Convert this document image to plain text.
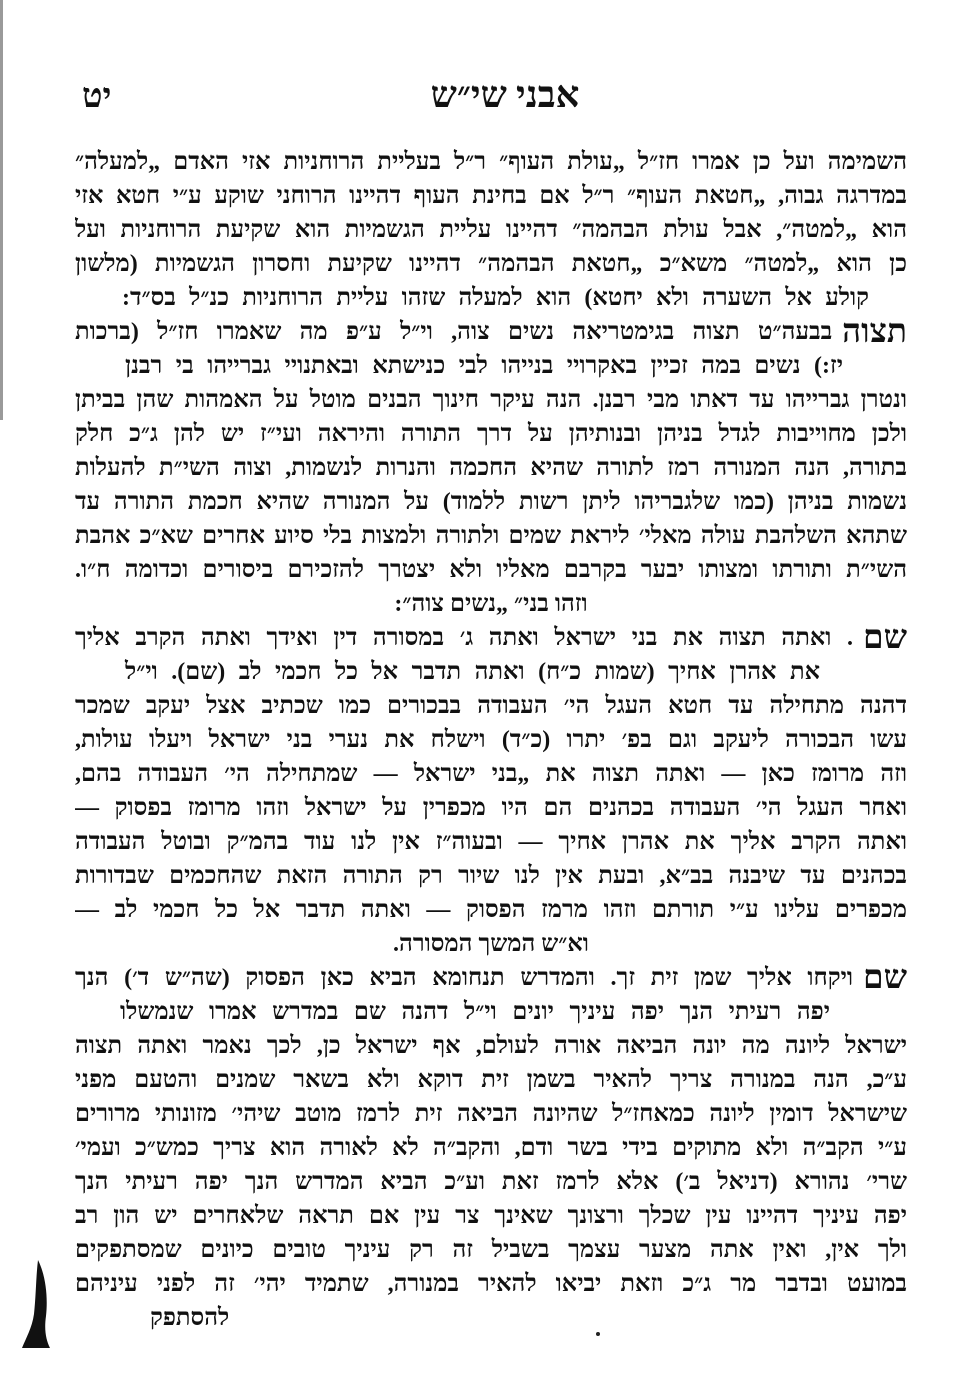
יט	אבני שי״ש
השמימה ועל כן אמרו חז״ל „עולת העוף״ ר״ל בעליית הרוחניות אזי האדם „למעלה״
במדרגה גבוה, „חטאת העוף״ ר״ל אם בחינת העוף דהיינו הרוחני שוקע ע״י חטא אזי
הוא „למטה״, אבל עולת הבהמה״ דהיינו עליית הגשמיות הוא שקיעת הרוחניות ועל
כן הוא „למטה״ משא״כ „חטאת הבהמה״ דהיינו שקיעת וחסרון הגשמיות (מלשון
קולע אל השערה ולא יחטא) הוא למעלה שזהו עליית הרוחניות כנ״ל בס״ד:
תצוהבבעה״ט תצוה בגימטריאה נשים צוה, וי״ל ע״פ מה שאמרו חז״ל (ברכות
יז:) נשים במה זכיין באקרויי בנייהו לבי כנישתא ובאתנויי גברייהו בי רבנן
ונטרן גברייהו עד דאתו מבי רבנן. הנה עיקר חינוך הבנים מוטל על האמהות שהן בביתן
ולכן מחוייבות לגדל בניהן ובנותיהן על דרך התורה והיראה ועי״ז יש להן ג״כ חלק
בתורה, הנה המנורה רמז לתורה שהיא החכמה והנרות לנשמות, וצוה השי״ת להעלות
נשמות בניהן (כמו שלגבריהו ליתן רשות ללמוד) על המנורה שהיא חכמת התורה עד
שתהא השלהבת עולה מאלי׳ ליראת שמים ולתורה ולמצות בלי סיוע אחרים שא״כ אהבת
השי״ת ותורתו ומצותו יבער בקרבם מאליו ולא יצטרך להזכירם ביסורים וכדומה ח״ו.
וזהו בני״ „נשים צוה״:
שם. ואתה תצוה את בני ישראל ואתה ג׳ במסורה דין ואידך ואתה הקרב אליך
את אהרן אחיך (שמות כ״ח) ואתה תדבר אל כל חכמי לב (שם). וי״ל
דהנה מתחילה עד חטא העגל הי׳ העבודה בבכורים כמו שכתיב אצל יעקב שמכר
עשו הבכורה ליעקב וגם בפ׳ יתרו (כ״ד) וישלח את נערי בני ישראל ויעלו עולות,
וזה מרומז כאן — ואתה תצוה את „בני ישראל — שמתחילה הי׳ העבודה בהם,
ואחר העגל הי׳ העבודה בכהנים הם היו מכפרין על ישראל וזהו מרומז בפסוק —
ואתה הקרב אליך את אהרן אחיך — ובעוה״ז אין לנו עוד בהמ״ק ובוטל העבודה
בכהנים עד שיבנה בב״א, ובעת אין לנו שיור רק התורה הזאת שהחכמים שבדורות
מכפרים עלינו ע״י תורתם וזהו מרמז הפסוק — ואתה תדבר אל כל חכמי לב —
וא״ש המשך המסורה.
שםויקחו אליך שמן זית זך. והמדרש תנחומא הביא כאן הפסוק (שה״ש ד׳) הנך
יפה רעיתי הנך יפה עיניך יונים וי״ל דהנה שם במדרש אמרו שנמשלו
ישראל ליונה מה יונה הביאה אורה לעולם, אף ישראל כן, לכך נאמר ואתה תצוה
ע״כ, הנה במנורה צריך להאיר בשמן זית דוקא ולא בשאר שמנים והטעם מפני
שישראל דומין ליונה כמאחז״ל שהיונה הביאה זית לרמז מוטב שיהי׳ מזונותי מרורים
ע״י הקב״ה ולא מתוקים בידי בשר ודם, והקב״ה לא לאורה הוא צריך כמש״כ ועמי׳
שרי׳ נהורא (דניאל ב׳) אלא לרמז זאת וע״כ הביא המדרש הנך יפה רעיתי הנך
יפה עיניך דהיינו עין שכלך ורצונך שאינך צר עין אם תראה שלאחרים יש הון רב
ולך אין, ואין אתה מצער עצמך בשביל זה רק עיניך טובים כיונים שמסתפקים
במועט ובדבר מר ג״כ וזאת יביאו להאיר במנורה, שתמיד יהי׳ זה לפני עיניהם
להסתפק
